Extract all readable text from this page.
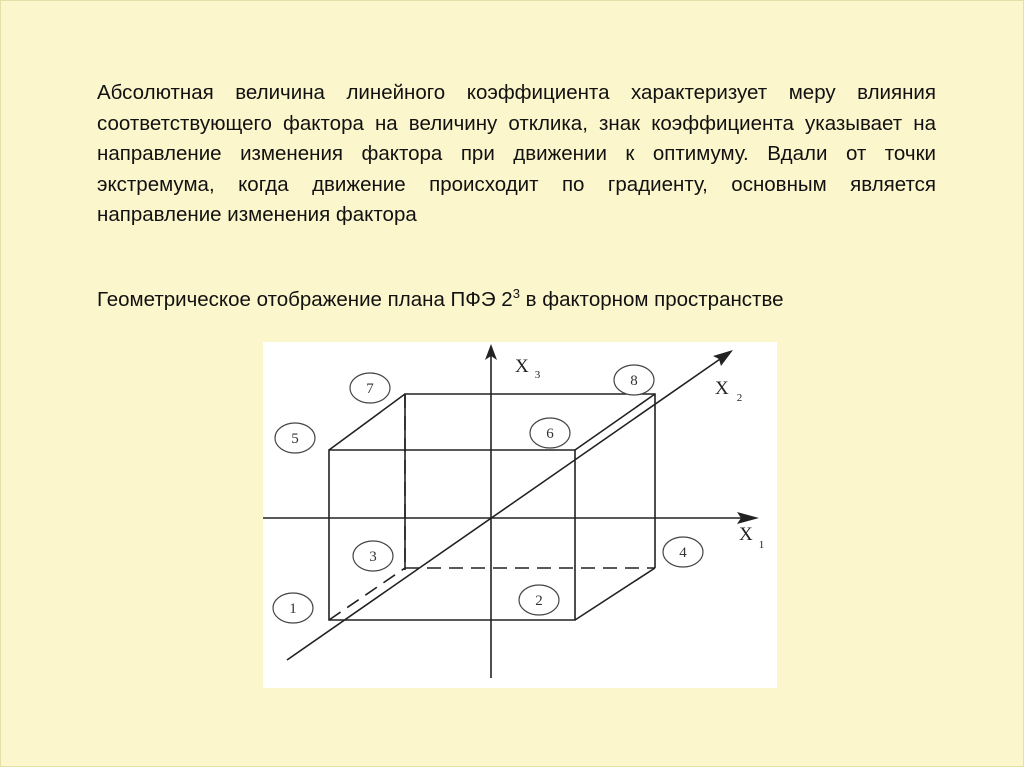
Абсолютная величина линейного коэффициента характеризует меру влияния соответствующего фактора на величину отклика, знак коэффициента указывает на направление изменения фактора при движении к оптимуму. Вдали от точки экстремума, когда движение происходит по градиенту, основным является направление изменения фактора

Геометрическое отображение плана ПФЭ $2^3$ в факторном пространстве

X $_1$
X $_2$
X $_3$
1	2
3	4
5	6
7	8
